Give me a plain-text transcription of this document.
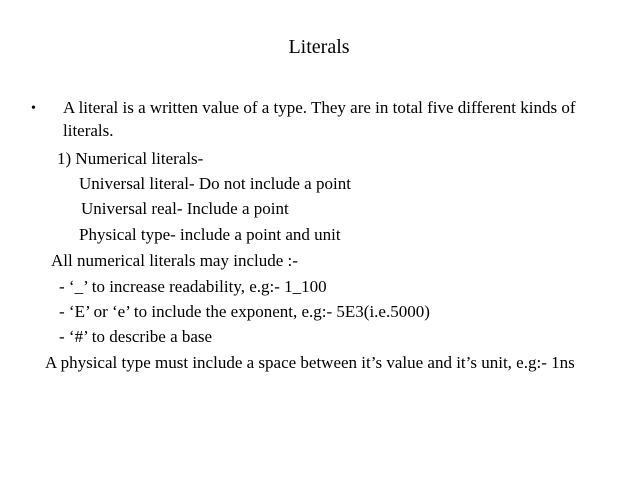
Literals
• A literal is a written value of a type. They are in total five different kinds of
literals.
1) Numerical literals-
Universal literal- Do not include a point
Universal real- Include a point
Physical type- include a point and unit
All numerical literals may include :-
- ‘_’ to increase readability, e.g:- 1_100
- ‘E’ or ‘e’ to include the exponent, e.g:- 5E3(i.e.5000)
- ‘#’ to describe a base
A physical type must include a space between it’s value and it’s unit, e.g:- 1ns
